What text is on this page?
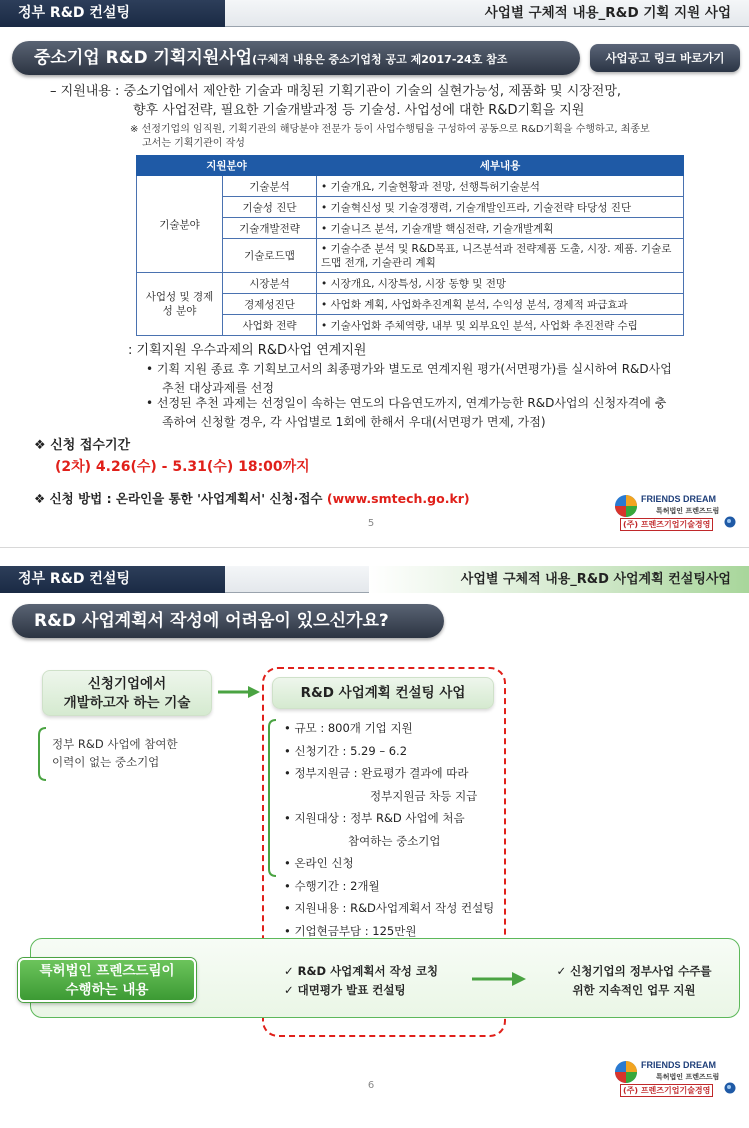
정부 R&D 컨설팅	사업별 구체적 내용_R&D 기획 지원 사업
중소기업 R&D 기획지원사업(구체적 내용은 중소기업청 공고 제2017-24호 참조	사업공고 링크 바로가기
– 지원내용 : 중소기업에서 제안한 기술과 매칭된 기획기관이 기술의 실현가능성, 제품화 및 시장전망,
향후 사업전략, 필요한 기술개발과정 등 기술성. 사업성에 대한 R&D기획을 지원
※ 선정기업의 임직원, 기획기관의 해당분야 전문가 등이 사업수행팀을 구성하여 공동으로 R&D기획을 수행하고, 최종보
고서는 기획기관이 작성
지원분야		세부내용
기술분야	기술분석	• 기술개요, 기술현황과 전망, 선행특허기술분석
	기술성 진단	• 기술혁신성 및 기술경쟁력, 기술개발인프라, 기술전략 타당성 진단
	기술개발전략	• 기술니즈 분석, 기술개발 핵심전략, 기술개발계획
	기술로드맵	• 기술수준 분석 및 R&D목표, 니즈분석과 전략제품 도출, 시장. 제품. 기술로 드맵 전개, 기술관리 계획
사업성 및 경제성 분야	시장분석	• 시장개요, 시장특성, 시장 동향 및 전망
	경제성진단	• 사업화 계획, 사업화추진계획 분석, 수익성 분석, 경제적 파급효과
	사업화 전략	• 기술사업화 주체역량, 내부 및 외부요인 분석, 사업화 추진전략 수립
: 기획지원 우수과제의 R&D사업 연계지원
• 기획 지원 종료 후 기획보고서의 최종평가와 별도로 연계지원 평가(서면평가)를 실시하여 R&D사업
추천 대상과제를 선정
• 선정된 추천 과제는 선정일이 속하는 연도의 다음연도까지, 연계가능한 R&D사업의 신청자격에 충
족하여 신청할 경우, 각 사업별로 1회에 한해서 우대(서면평가 면제, 가점)
❖ 신청 접수기간
(2차) 4.26(수) - 5.31(수) 18:00까지
❖ 신청 방법 : 온라인을 통한 '사업계획서' 신청·접수 (www.smtech.go.kr)
5
FRIENDS DREAM
특허법인 프렌즈드림
(주) 프렌즈기업기술경영
정부 R&D 컨설팅	사업별 구체적 내용_R&D 사업계획 컨설팅사업
R&D 사업계획서 작성에 어려움이 있으신가요?
신청기업에서
개발하고자 하는 기술
정부 R&D 사업에 참여한
이력이 없는 중소기업
R&D 사업계획 컨설팅 사업
• 규모 : 800개 기업 지원
• 신청기간 : 5.29 – 6.2
• 정부지원금 : 완료평가 결과에 따라
정부지원금 차등 지급
• 지원대상 : 정부 R&D 사업에 처음
참여하는 중소기업
• 온라인 신청
• 수행기간 : 2개월
• 지원내용 : R&D사업계획서 작성 컨설팅
• 기업현금부담 : 125만원
특허법인 프렌즈드림이
수행하는 내용
✓ R&D 사업계획서 작성 코칭
✓ 대면평가 발표 컨설팅
✓ 신청기업의 정부사업 수주를
위한 지속적인 업무 지원
6
FRIENDS DREAM
특허법인 프렌즈드림
(주) 프렌즈기업기술경영
